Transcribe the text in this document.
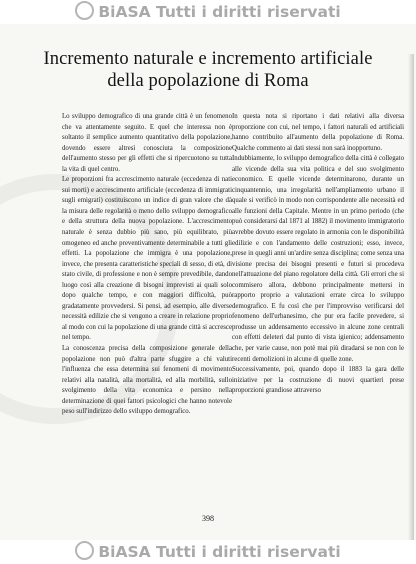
BiASA Tutti i diritti riservati
Incremento naturale e incremento artificiale
della popolazione di Roma

Lo sviluppo demografico di una grande città è un fenomeno che va attentamente seguito. E quel che interessa non è soltanto il semplice aumento quantitativo della popolazione, dovendo essere altresì conosciuta la composizione dell'aumento stesso per gli effetti che si ripercuotono su tutta la vita di quel centro.

Le proporzioni fra accrescimento naturale (eccedenza di nati sui morti) e accrescimento artificiale (eccedenza di immigrati sugli emigrati) costituiscono un indice di gran valore che dà la misura delle regolarità o meno dello sviluppo demografico e della struttura della nuova popolazione. L'accrescimento naturale è senza dubbio più sano, più equilibrato, più omogeneo ed anche preventivamente determinabile a tutti gli effetti. La popolazione che immigra è una popolazione, invece, che presenta caratteristiche speciali di sesso, di età, di stato civile, di professione e non è sempre prevedibile, dando luogo così alla creazione di bisogni imprevisti ai quali solo dopo qualche tempo, e con maggiori difficoltà, può gradatamente provvedersi. Si pensi, ad esempio, alle diverse necessità edilizie che si vengono a creare in relazione proprio al modo con cui la popolazione di una grande città si accresce nel tempo.

La conoscenza precisa della composizione generale della popolazione non può d'altra parte sfuggire a chi valuti l'influenza che essa determina sui fenomeni di movimento relativi alla natalità, alla mortalità, ed alla morbilità, sullo svolgimento della vita economica e persino nella determinazione di quei fattori psicologici che hanno notevole peso sull'indirizzo dello sviluppo demografico.

In questa nota si riportano i dati relativi alla diversa proporzione con cui, nel tempo, i fattori naturali ed artificiali hanno contribuito all'aumento della popolazione di Roma. Qualche commento ai dati stessi non sarà inopportuno.

Indubbiamente, lo sviluppo demografico della città è collegato alle vicende della sua vita politica e del suo svolgimento economico. E quelle vicende determinarono, durante un cinquantennio, una irregolarità nell'ampliamento urbano il quale si verificò in modo non corrispondente alle necessità ed alle funzioni della Capitale. Mentre in un primo periodo (che può considerarsi dal 1871 al 1882) il movimento immigratorio avrebbe dovuto essere regolato in armonia con le disponibilità edilizie e con l'andamento delle costruzioni; esso, invece, prese in quegli anni un'ardire senza disciplina; come senza una visione precisa dei bisogni presenti e futuri si procedeva nell'attuazione del piano regolatore della città. Gli errori che si commisero allora, debbono principalmente mettersi in rapporto proprio a valutazioni errate circa lo sviluppo demografico. E fu così che per l'improvviso verificarsi del fenomeno dell'urbanesimo, che pur era facile prevedere, si produsse un addensamento eccessivo in alcune zone centrali con effetti deleteri dal punto di vista igienico; addensamento che, per varie cause, non potè mai più diradarsi se non con le recenti demolizioni in alcune di quelle zone.

Successivamente, poi, quando dopo il 1883 la gara delle iniziative per la costruzione di nuovi quartieri prese proporzioni grandiose attraverso

398
BiASA Tutti i diritti riservati
